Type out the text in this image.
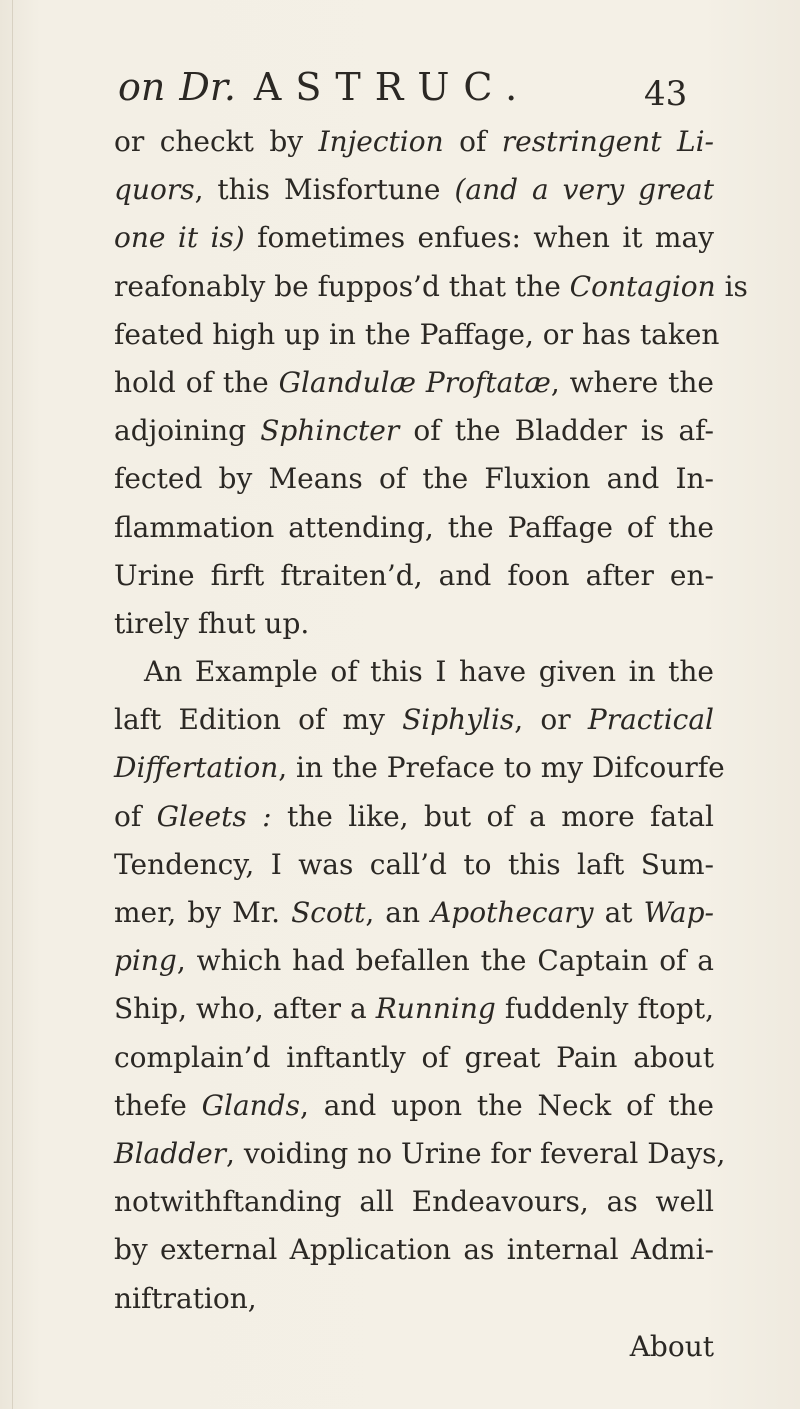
on Dr. ASTRUC.	43
or checkt by Injection of restringent Li-
quors, this Misfortune (and a very great
one it is) fometimes enfues: when it may
reafonably be fuppos’d that the Contagion is
feated high up in the Paffage, or has taken
hold of the Glandulæ Proftatæ, where the
adjoining Sphincter of the Bladder is af-
fected by Means of the Fluxion and In-
flammation attending, the Paffage of the
Urine firft ftraiten’d, and foon after en-
tirely fhut up.
An Example of this I have given in the
laft Edition of my Siphylis, or Practical
Differtation, in the Preface to my Difcourfe
of Gleets : the like, but of a more fatal
Tendency, I was call’d to this laft Sum-
mer, by Mr. Scott, an Apothecary at Wap-
ping, which had befallen the Captain of a
Ship, who, after a Running fuddenly ftopt,
complain’d inftantly of great Pain about
thefe Glands, and upon the Neck of the
Bladder, voiding no Urine for feveral Days,
notwithftanding all Endeavours, as well
by external Application as internal Admi-
niftration,
About
